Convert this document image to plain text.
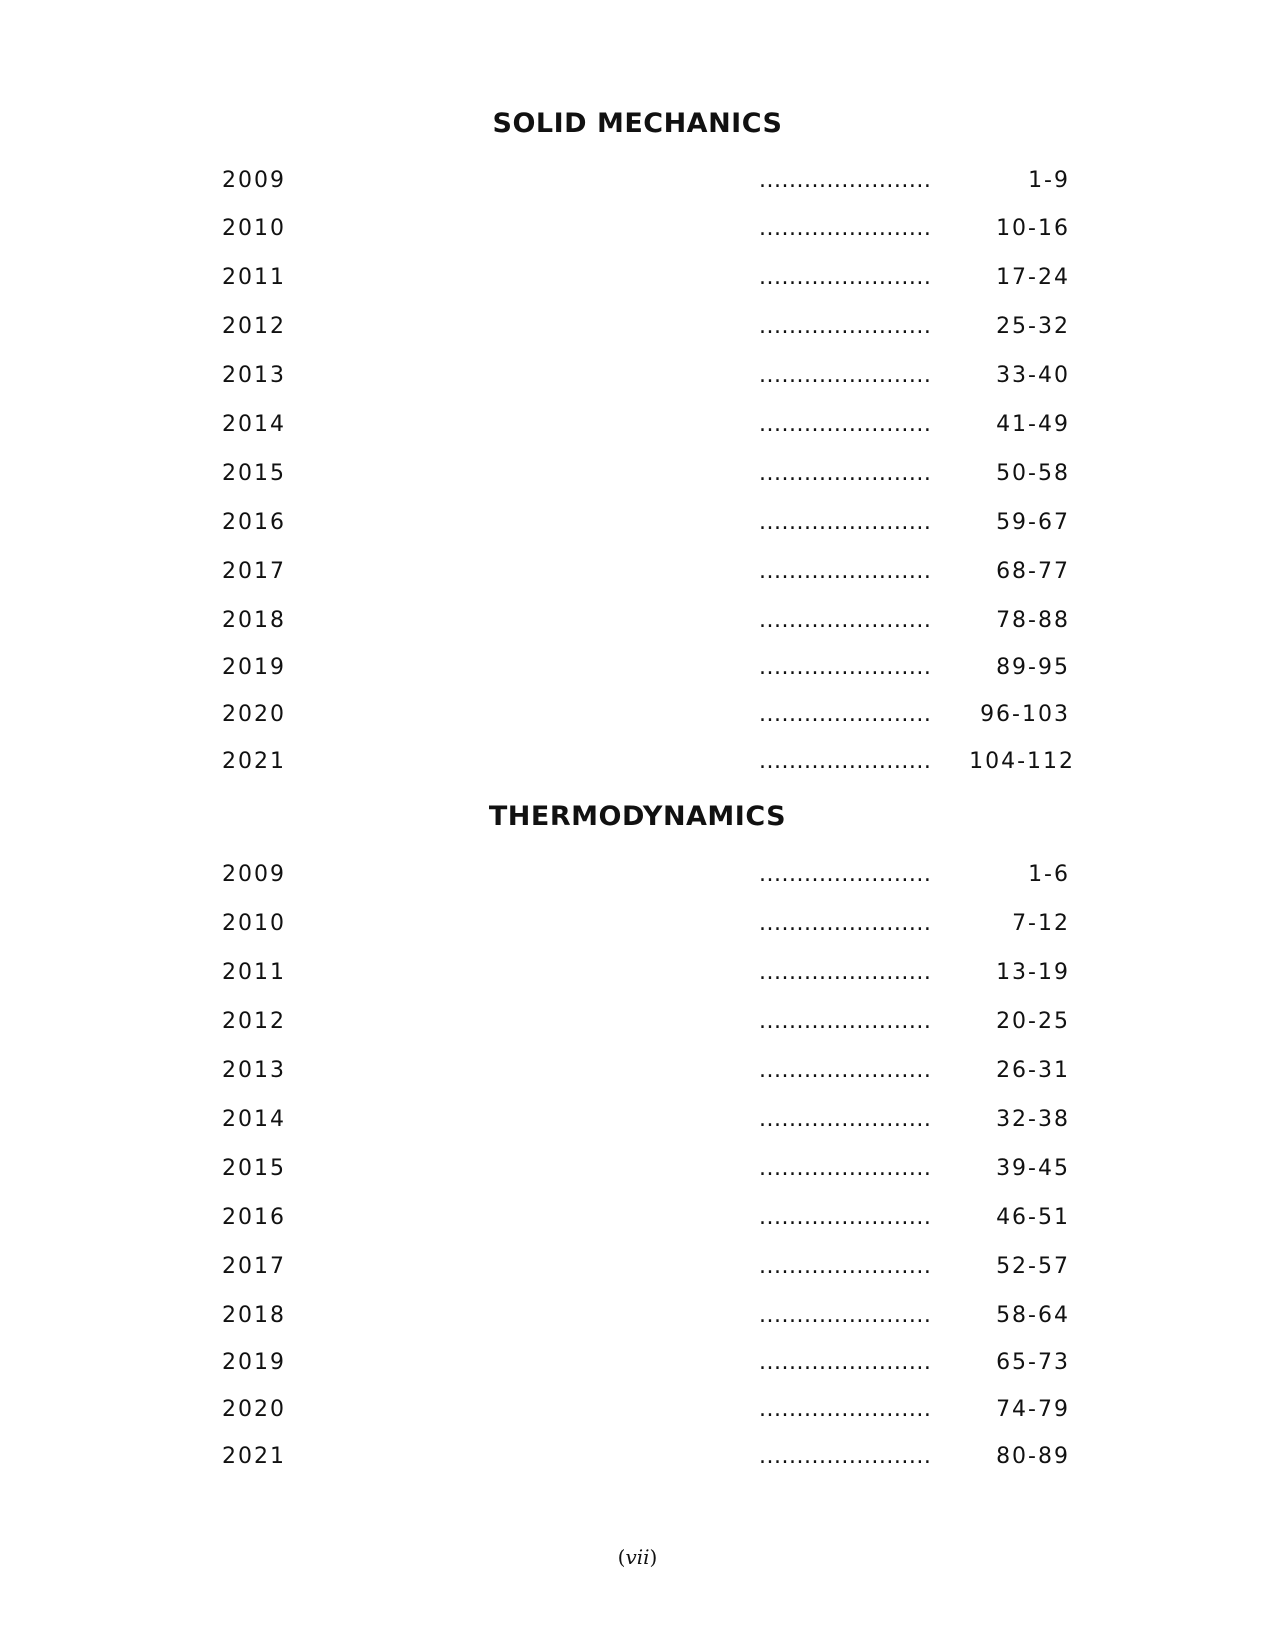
SOLID MECHANICS
2009	.......................	1-9
2010	.......................	10-16
2011	.......................	17-24
2012	.......................	25-32
2013	.......................	33-40
2014	.......................	41-49
2015	.......................	50-58
2016	.......................	59-67
2017	.......................	68-77
2018	.......................	78-88
2019	.......................	89-95
2020	....................... 96-103
2021	....................... 104-112
THERMODYNAMICS
2009	.......................	1-6
2010	.......................	7-12
2011	.......................	13-19
2012	.......................	20-25
2013	.......................	26-31
2014	.......................	32-38
2015	.......................	39-45
2016	.......................	46-51
2017	.......................	52-57
2018	.......................	58-64
2019	.......................	65-73
2020	.......................	74-79
2021	.......................	80-89
(vii)
